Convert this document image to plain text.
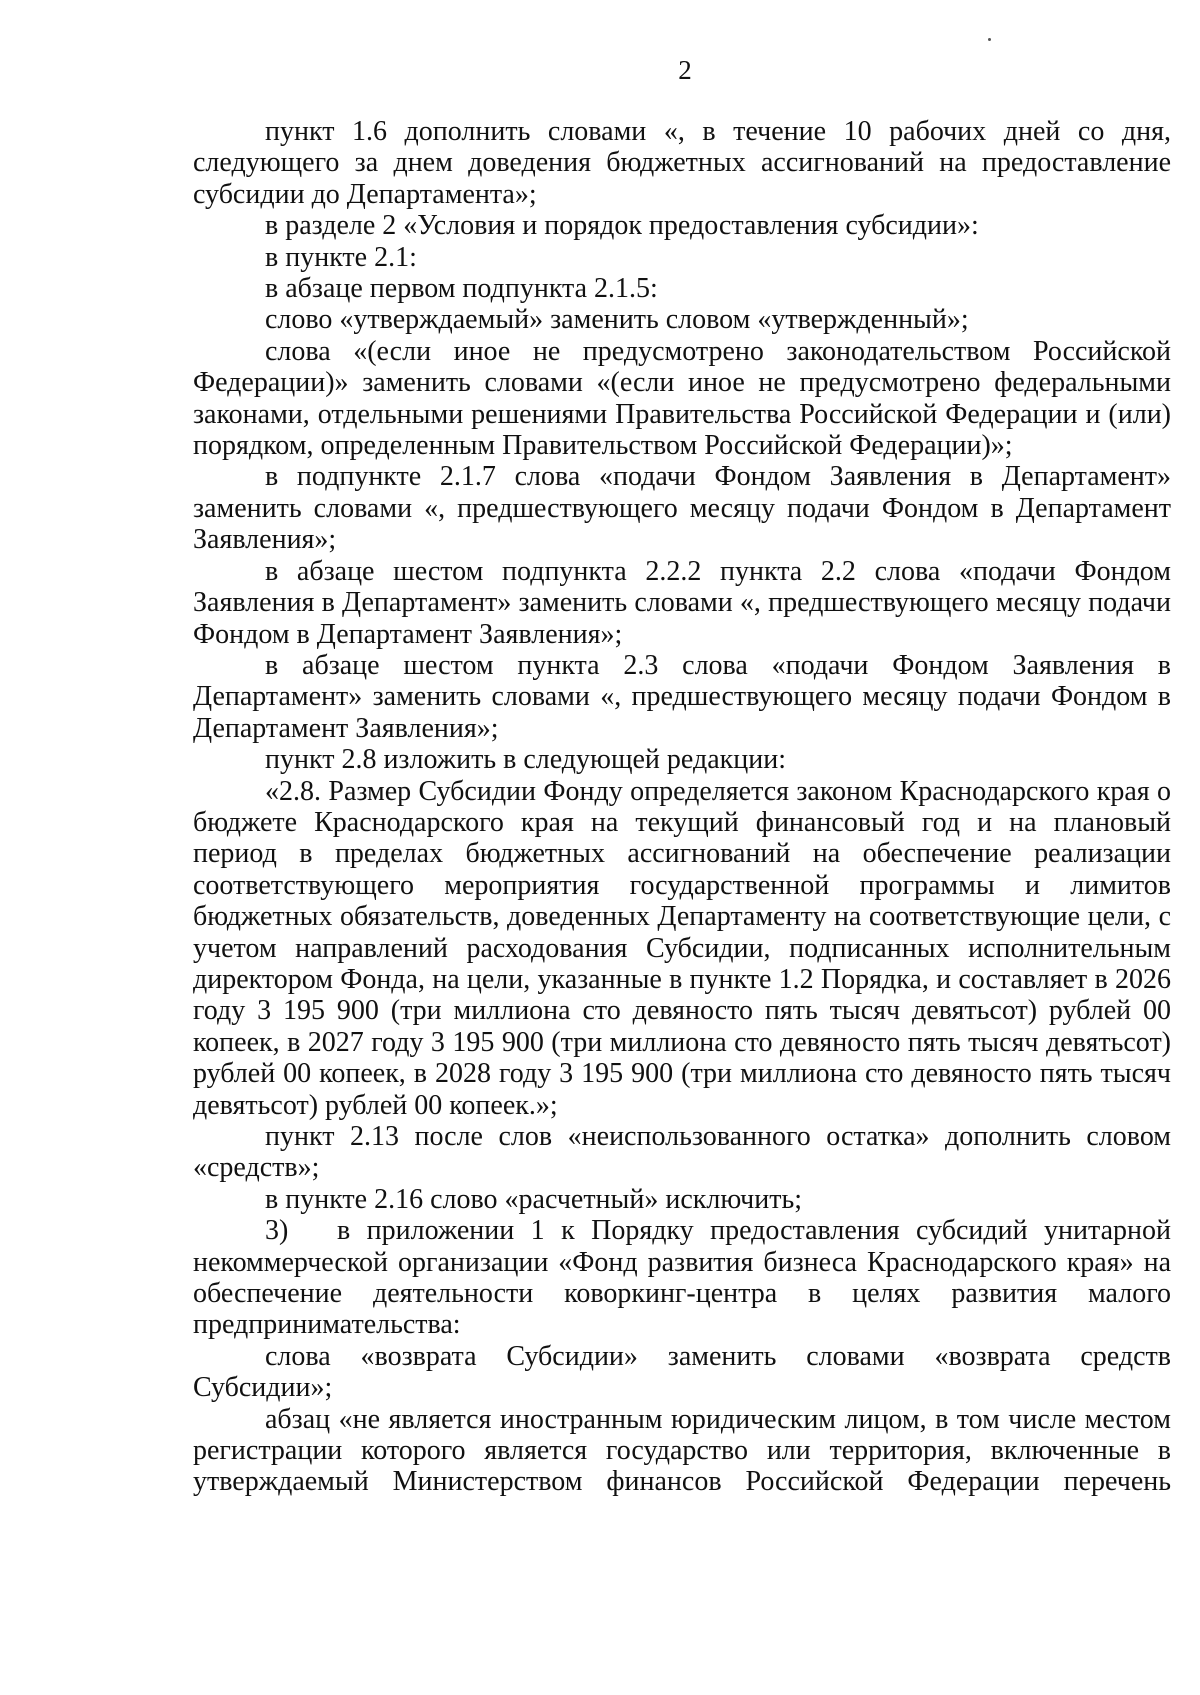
2

пункт 1.6 дополнить словами «, в течение 10 рабочих дней со дня, следующего за днем доведения бюджетных ассигнований на предоставление субсидии до Департамента»;

в разделе 2 «Условия и порядок предоставления субсидии»:

в пункте 2.1:

в абзаце первом подпункта 2.1.5:

слово «утверждаемый» заменить словом «утвержденный»;

слова «(если иное не предусмотрено законодательством Российской Федерации)» заменить словами «(если иное не предусмотрено федеральными законами, отдельными решениями Правительства Российской Федерации и (или) порядком, определенным Правительством Российской Федерации)»;

в подпункте 2.1.7 слова «подачи Фондом Заявления в Департамент» заменить словами «, предшествующего месяцу подачи Фондом в Департамент Заявления»;

в абзаце шестом подпункта 2.2.2 пункта 2.2 слова «подачи Фондом Заявления в Департамент» заменить словами «, предшествующего месяцу подачи Фондом в Департамент Заявления»;

в абзаце шестом пункта 2.3 слова «подачи Фондом Заявления в Департамент» заменить словами «, предшествующего месяцу подачи Фондом в Департамент Заявления»;

пункт 2.8 изложить в следующей редакции:

«2.8. Размер Субсидии Фонду определяется законом Краснодарского края о бюджете Краснодарского края на текущий финансовый год и на плановый период в пределах бюджетных ассигнований на обеспечение реализации соответствующего мероприятия государственной программы и лимитов бюджетных обязательств, доведенных Департаменту на соответствующие цели, с учетом направлений расходования Субсидии, подписанных исполнительным директором Фонда, на цели, указанные в пункте 1.2 Порядка, и составляет в 2026 году 3 195 900 (три миллиона сто девяносто пять тысяч девятьсот) рублей 00 копеек, в 2027 году 3 195 900 (три миллиона сто девяносто пять тысяч девятьсот) рублей 00 копеек, в 2028 году 3 195 900 (три миллиона сто девяносто пять тысяч девятьсот) рублей 00 копеек.»;

пункт 2.13 после слов «неиспользованного остатка» дополнить словом «средств»;

в пункте 2.16 слово «расчетный» исключить;

3) в приложении 1 к Порядку предоставления субсидий унитарной некоммерческой организации «Фонд развития бизнеса Краснодарского края» на обеспечение деятельности коворкинг-центра в целях развития малого предпринимательства:

слова «возврата Субсидии» заменить словами «возврата средств Субсидии»;

абзац «не является иностранным юридическим лицом, в том числе местом регистрации которого является государство или территория, включенные в утверждаемый Министерством финансов Российской Федерации перечень
